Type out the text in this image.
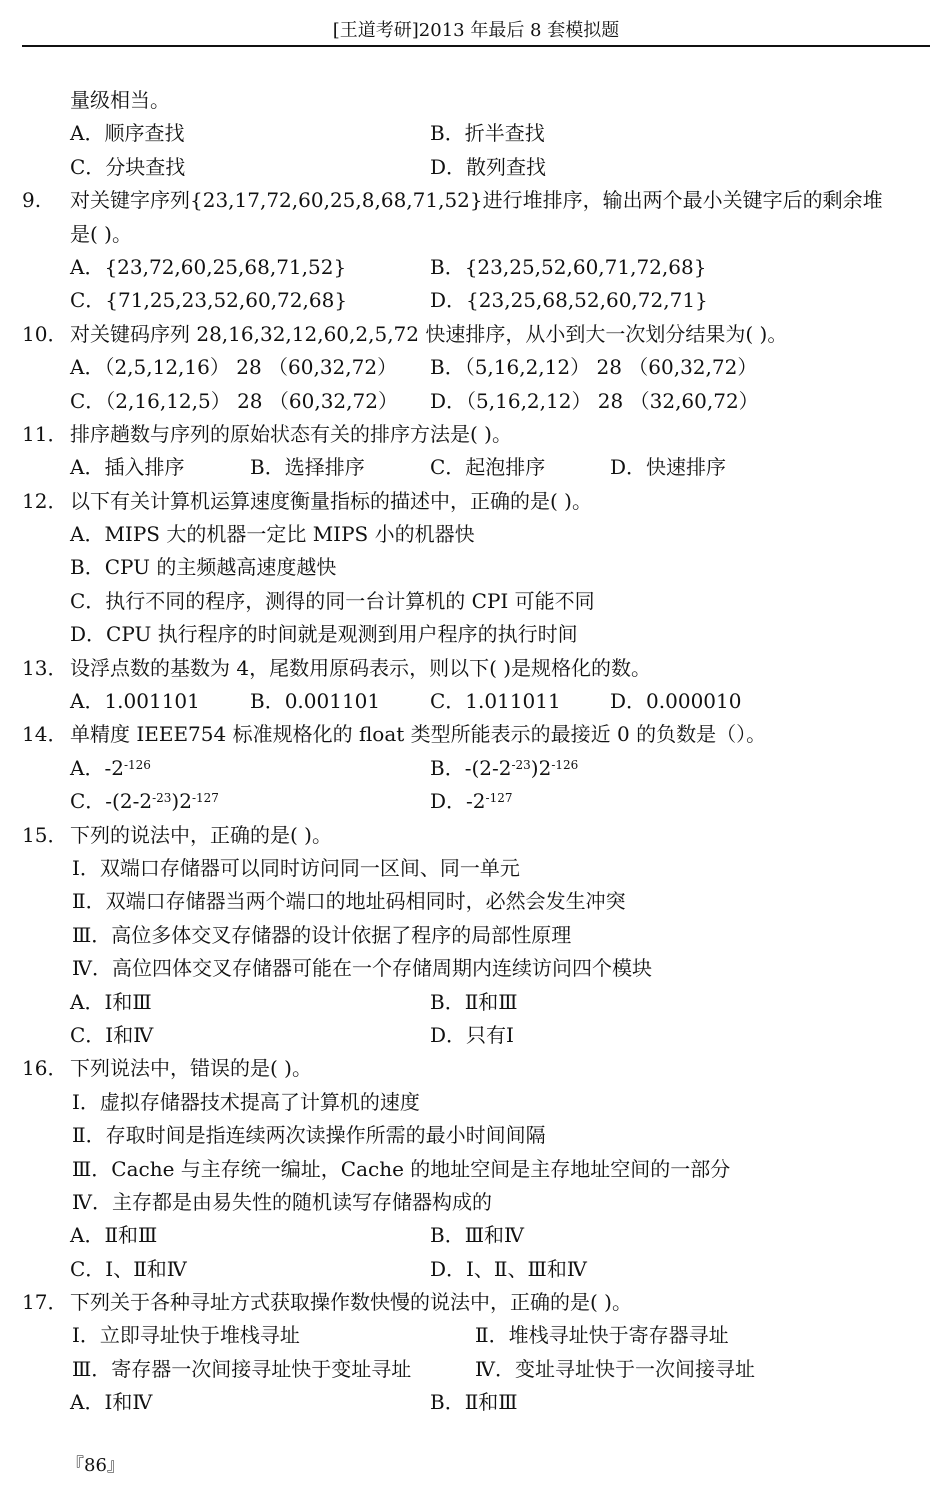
[王道考研]2013 年最后 8 套模拟题
量级相当。
A．顺序查找	B．折半查找
C．分块查找	D．散列查找
9. 对关键字序列{23,17,72,60,25,8,68,71,52}进行堆排序，输出两个最小关键字后的剩余堆
是( )。
A．{23,72,60,25,68,71,52}	B．{23,25,52,60,71,72,68}
C．{71,25,23,52,60,72,68}	D．{23,25,68,52,60,72,71}
10． 对关键码序列 28,16,32,12,60,2,5,72 快速排序，从小到大一次划分结果为( )。
A．（2,5,12,16） 28 （60,32,72） B．（5,16,2,12） 28 （60,32,72）
C．（2,16,12,5） 28 （60,32,72） D．（5,16,2,12） 28 （32,60,72）
11． 排序趟数与序列的原始状态有关的排序方法是( )。
A．插入排序	B．选择排序	C．起泡排序	D．快速排序
12． 以下有关计算机运算速度衡量指标的描述中，正确的是( )。
A．MIPS 大的机器一定比 MIPS 小的机器快
B．CPU 的主频越高速度越快
C．执行不同的程序，测得的同一台计算机的 CPI 可能不同
D．CPU 执行程序的时间就是观测到用户程序的执行时间
13． 设浮点数的基数为 4，尾数用原码表示，则以下( )是规格化的数。
A．1.001101	B．0.001101 C．1.011011 D．0.000010
14． 单精度 IEEE754 标准规格化的 float 类型所能表示的最接近 0 的负数是（）。
A．$-2^{-126}$	B．$-(2-2^{-23})2^{-126}$
C．$-(2-2^{-23})2^{-127}$	D．$-2^{-127}$
15． 下列的说法中，正确的是( )。
Ⅰ．双端口存储器可以同时访问同一区间、同一单元
Ⅱ．双端口存储器当两个端口的地址码相同时，必然会发生冲突
Ⅲ．高位多体交叉存储器的设计依据了程序的局部性原理
Ⅳ．高位四体交叉存储器可能在一个存储周期内连续访问四个模块
A．Ⅰ和Ⅲ	B．Ⅱ和Ⅲ
C．Ⅰ和Ⅳ	D．只有Ⅰ
16． 下列说法中，错误的是( )。
Ⅰ．虚拟存储器技术提高了计算机的速度
Ⅱ．存取时间是指连续两次读操作所需的最小时间间隔
Ⅲ．Cache 与主存统一编址，Cache 的地址空间是主存地址空间的一部分
Ⅳ．主存都是由易失性的随机读写存储器构成的
A．Ⅱ和Ⅲ	B．Ⅲ和Ⅳ
C．Ⅰ、Ⅱ和Ⅳ	D．Ⅰ、Ⅱ、Ⅲ和Ⅳ
17． 下列关于各种寻址方式获取操作数快慢的说法中，正确的是( )。
Ⅰ．立即寻址快于堆栈寻址	Ⅱ．堆栈寻址快于寄存器寻址
Ⅲ．寄存器一次间接寻址快于变址寻址	Ⅳ．变址寻址快于一次间接寻址
A．Ⅰ和Ⅳ	B．Ⅱ和Ⅲ
『86』
